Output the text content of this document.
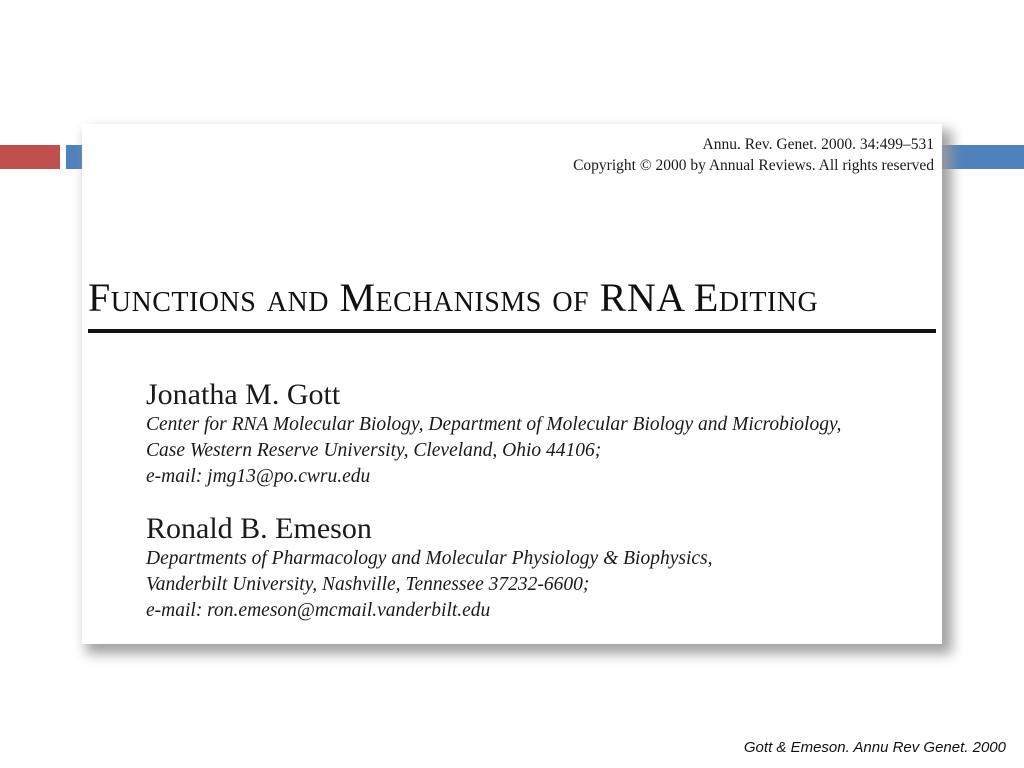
Annu. Rev. Genet. 2000. 34:499–531
Copyright © 2000 by Annual Reviews. All rights reserved
Functions and Mechanisms of RNA Editing
Jonatha M. Gott
Center for RNA Molecular Biology, Department of Molecular Biology and Microbiology,
Case Western Reserve University, Cleveland, Ohio 44106;
e-mail: jmg13@po.cwru.edu
Ronald B. Emeson
Departments of Pharmacology and Molecular Physiology & Biophysics,
Vanderbilt University, Nashville, Tennessee 37232-6600;
e-mail: ron.emeson@mcmail.vanderbilt.edu
Gott & Emeson. Annu Rev Genet. 2000
